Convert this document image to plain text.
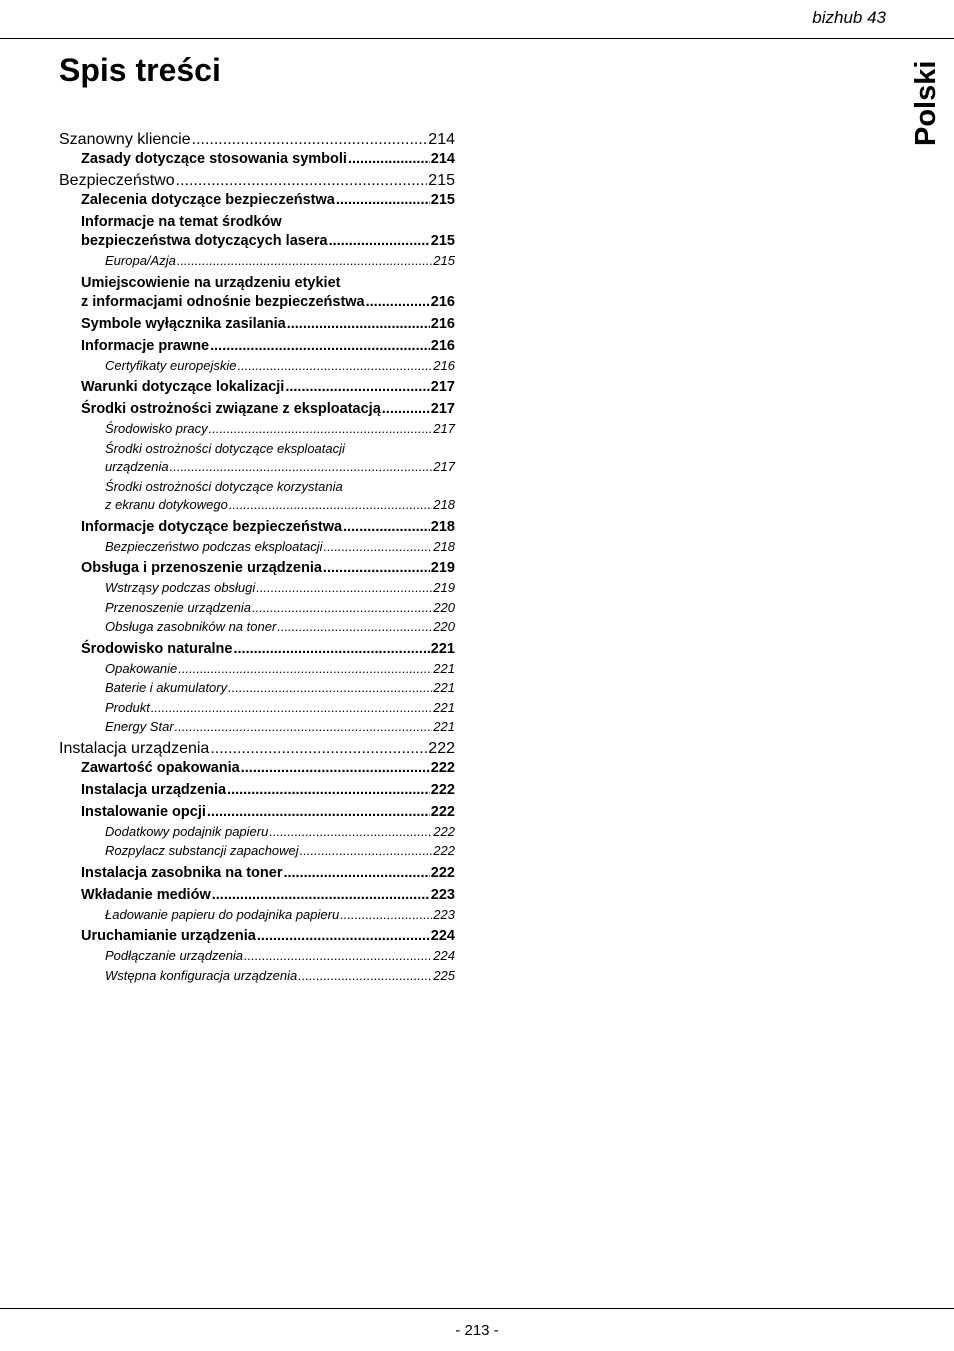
bizhub 43
Spis treści	Polski
Szanowny kliencie .....	214
Zasady dotyczące stosowania symboli .....	214
Bezpieczeństwo .....	215
Zalecenia dotyczące bezpieczeństwa .....	215
Informacje na temat środków
bezpieczeństwa dotyczących lasera .....	215
Europa/Azja .....	215
Umiejscowienie na urządzeniu etykiet
z informacjami odnośnie bezpieczeństwa .....	216
Symbole wyłącznika zasilania .....	216
Informacje prawne .....	216
Certyfikaty europejskie .....	216
Warunki dotyczące lokalizacji .....	217
Środki ostrożności związane z eksploatacją .....	217
Środowisko pracy .....	217
Środki ostrożności dotyczące eksploatacji
urządzenia .....	217
Środki ostrożności dotyczące korzystania
z ekranu dotykowego .....	218
Informacje dotyczące bezpieczeństwa .....	218
Bezpieczeństwo podczas eksploatacji .....	218
Obsługa i przenoszenie urządzenia .....	219
Wstrząsy podczas obsługi .....	219
Przenoszenie urządzenia .....	220
Obsługa zasobników na toner .....	220
Środowisko naturalne .....	221
Opakowanie .....	221
Baterie i akumulatory .....	221
Produkt .....	221
Energy Star .....	221
Instalacja urządzenia .....	222
Zawartość opakowania .....	222
Instalacja urządzenia .....	222
Instalowanie opcji .....	222
Dodatkowy podajnik papieru .....	222
Rozpylacz substancji zapachowej .....	222
Instalacja zasobnika na toner .....	222
Wkładanie mediów .....	223
Ładowanie papieru do podajnika papieru .....	223
Uruchamianie urządzenia .....	224
Podłączanie urządzenia .....	224
Wstępna konfiguracja urządzenia .....	225
- 213 -
